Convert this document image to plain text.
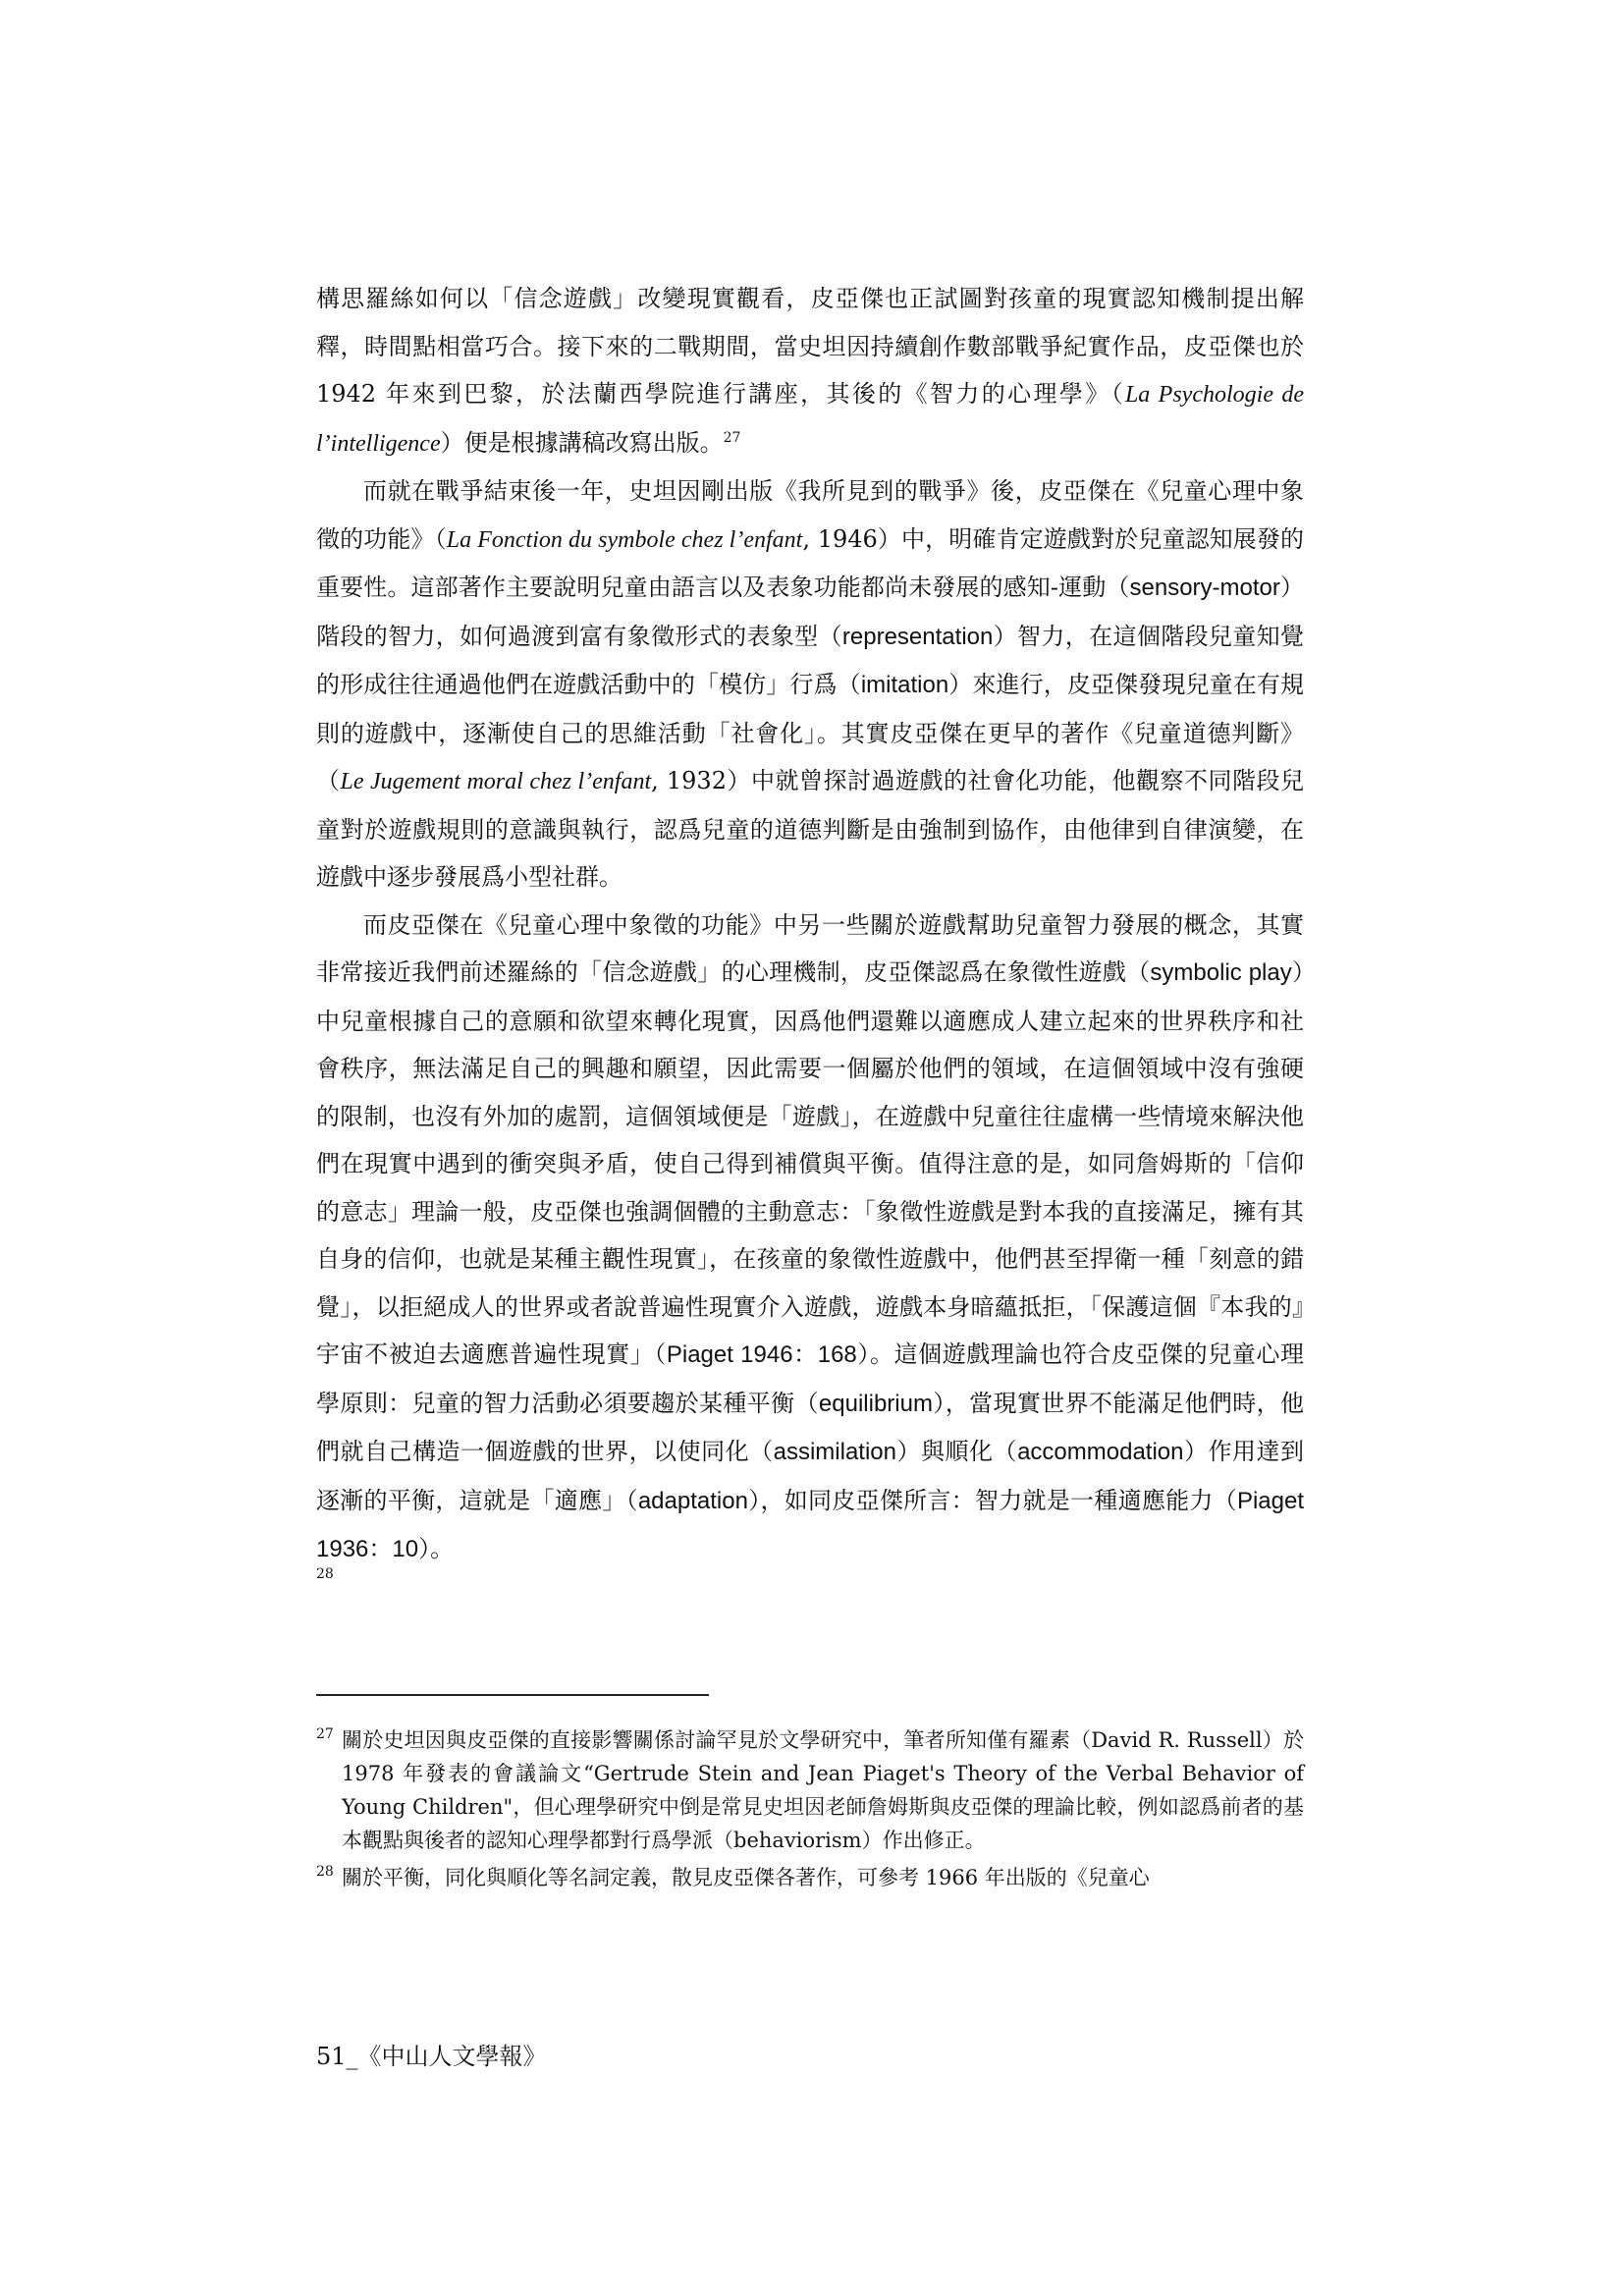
構思羅絲如何以「信念遊戲」改變現實觀看，皮亞傑也正試圖對孩童的現實認知機制提出解釋，時間點相當巧合。接下來的二戰期間，當史坦因持續創作數部戰爭紀實作品，皮亞傑也於 1942 年來到巴黎，於法蘭西學院進行講座，其後的《智力的心理學》（La Psychologie de l’intelligence）便是根據講稿改寫出版。$^{27}$

而就在戰爭結束後一年，史坦因剛出版《我所見到的戰爭》後，皮亞傑在《兒童心理中象徵的功能》（La Fonction du symbole chez l’enfant, 1946）中，明確肯定遊戲對於兒童認知展發的重要性。這部著作主要說明兒童由語言以及表象功能都尚未發展的感知-運動（sensory-motor）階段的智力，如何過渡到富有象徵形式的表象型（representation）智力，在這個階段兒童知覺的形成往往通過他們在遊戲活動中的「模仿」行爲（imitation）來進行，皮亞傑發現兒童在有規則的遊戲中，逐漸使自己的思維活動「社會化」。其實皮亞傑在更早的著作《兒童道德判斷》（Le Jugement moral chez l’enfant, 1932）中就曾探討過遊戲的社會化功能，他觀察不同階段兒童對於遊戲規則的意識與執行，認爲兒童的道德判斷是由強制到協作，由他律到自律演變，在遊戲中逐步發展爲小型社群。

而皮亞傑在《兒童心理中象徵的功能》中另一些關於遊戲幫助兒童智力發展的概念，其實非常接近我們前述羅絲的「信念遊戲」的心理機制，皮亞傑認爲在象徵性遊戲（symbolic play）中兒童根據自己的意願和欲望來轉化現實，因爲他們還難以適應成人建立起來的世界秩序和社會秩序，無法滿足自己的興趣和願望，因此需要一個屬於他們的領域，在這個領域中沒有強硬的限制，也沒有外加的處罰，這個領域便是「遊戲」，在遊戲中兒童往往虛構一些情境來解決他們在現實中遇到的衝突與矛盾，使自己得到補償與平衡。值得注意的是，如同詹姆斯的「信仰的意志」理論一般，皮亞傑也強調個體的主動意志：「象徵性遊戲是對本我的直接滿足，擁有其自身的信仰，也就是某種主觀性現實」，在孩童的象徵性遊戲中，他們甚至捍衛一種「刻意的錯覺」，以拒絕成人的世界或者說普遍性現實介入遊戲，遊戲本身暗蘊抵拒，「保護這個『本我的』宇宙不被迫去適應普遍性現實」（Piaget 1946：168）。這個遊戲理論也符合皮亞傑的兒童心理學原則：兒童的智力活動必須要趨於某種平衡（equilibrium），當現實世界不能滿足他們時，他們就自己構造一個遊戲的世界，以使同化（assimilation）與順化（accommodation）作用達到逐漸的平衡，這就是「適應」（adaptation），如同皮亞傑所言：智力就是一種適應能力（Piaget 1936：10）。

28
27 關於史坦因與皮亞傑的直接影響關係討論罕見於文學研究中，筆者所知僅有羅素（David R. Russell）於 1978 年發表的會議論文“Gertrude Stein and Jean Piaget's Theory of the Verbal Behavior of Young Children"，但心理學研究中倒是常見史坦因老師詹姆斯與皮亞傑的理論比較，例如認爲前者的基本觀點與後者的認知心理學都對行爲學派（behaviorism）作出修正。
28 關於平衡，同化與順化等名詞定義，散見皮亞傑各著作，可參考 1966 年出版的《兒童心
51_《中山人文學報》
